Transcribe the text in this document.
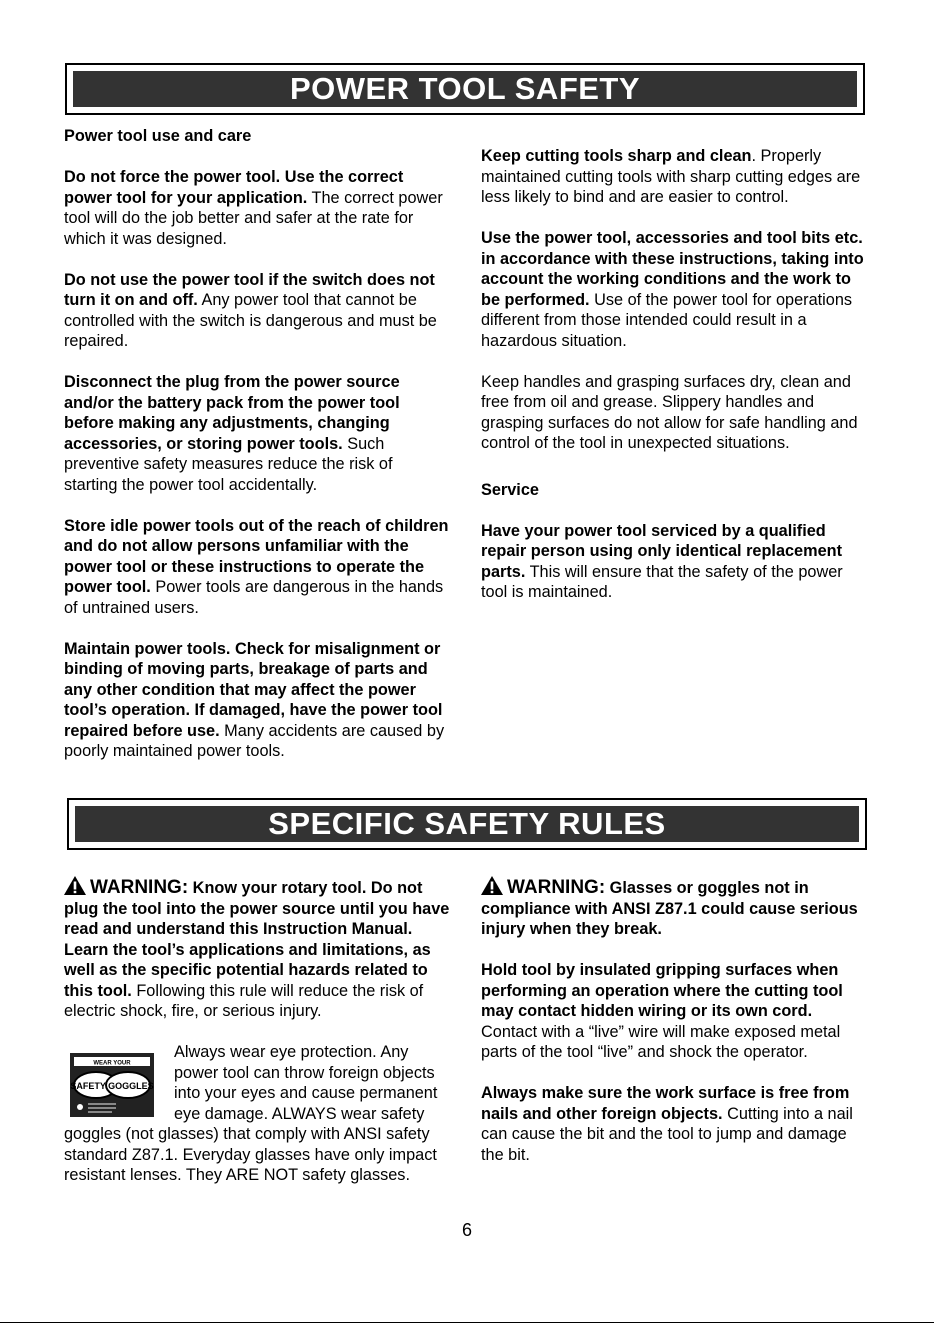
POWER TOOL SAFETY

Power tool use and care

Do not force the power tool. Use the correct power tool for your application. The correct power tool will do the job better and safer at the rate for which it was designed.

Do not use the power tool if the switch does not turn it on and off. Any power tool that cannot be controlled with the switch is dangerous and must be repaired.

Disconnect the plug from the power source and/or the battery pack from the power tool before making any adjustments, changing accessories, or storing power tools. Such preventive safety measures reduce the risk of starting the power tool accidentally.

Store idle power tools out of the reach of children and do not allow persons unfamiliar with the power tool or these instructions to operate the power tool. Power tools are dangerous in the hands of untrained users.

Maintain power tools. Check for misalignment or binding of moving parts, breakage of parts and any other condition that may affect the power tool’s operation. If damaged, have the power tool repaired before use. Many accidents are caused by poorly maintained power tools.

Keep cutting tools sharp and clean. Properly maintained cutting tools with sharp cutting edges are less likely to bind and are easier to control.

Use the power tool, accessories and tool bits etc. in accordance with these instructions, taking into account the working conditions and the work to be performed. Use of the power tool for operations different from those intended could result in a hazardous situation.

Keep handles and grasping surfaces dry, clean and free from oil and grease. Slippery handles and grasping surfaces do not allow for safe handling and control of the tool in unexpected situations.

Service

Have your power tool serviced by a qualified repair person using only identical replacement parts. This will ensure that the safety of the power tool is maintained.

SPECIFIC SAFETY RULES

WARNING: Know your rotary tool. Do not plug the tool into the power source until you have read and understand this Instruction Manual. Learn the tool’s applications and limitations, as well as the specific potential hazards related to this tool. Following this rule will reduce the risk of electric shock, fire, or serious injury.

WEAR YOUR
SAFETY GOGGLES
Always wear eye protection. Any power tool can throw foreign objects into your eyes and cause permanent eye damage. ALWAYS wear safety goggles (not glasses) that comply with ANSI safety standard Z87.1. Everyday glasses have only impact resistant lenses. They ARE NOT safety glasses.

WARNING: Glasses or goggles not in compliance with ANSI Z87.1 could cause serious injury when they break.

Hold tool by insulated gripping surfaces when performing an operation where the cutting tool may contact hidden wiring or its own cord. Contact with a “live” wire will make exposed metal parts of the tool “live” and shock the operator.

Always make sure the work surface is free from nails and other foreign objects. Cutting into a nail can cause the bit and the tool to jump and damage the bit.

6
